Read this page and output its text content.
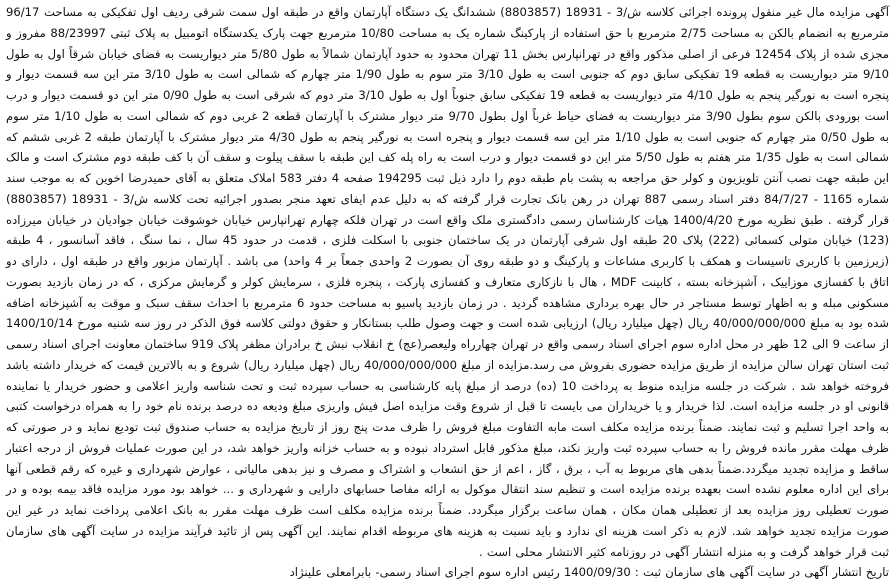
آگهی مزایده مال غیر منقول پرونده اجرائی کلاسه ش/3 - 18931 (8803857) ششدانگ یک دستگاه آپارتمان واقع در طبقه اول سمت شرقی ردیف اول تفکیکی به مساحت 96/17 مترمربع به انضمام بالکن به مساحت 2/75 مترمربع با حق استفاده از پارکینگ شماره یک به مساحت 10/80 مترمربع جهت پارک یکدستگاه اتومبیل به پلاک ثبتی 88/23997 مفروز و مجزی شده از پلاک 12454 فرعی از اصلی مذکور واقع در تهرانپارس بخش 11 تهران محدود به حدود آپارتمان شمالاً به طول 5/80 متر دیواریست به فضای خیابان شرقاً اول به طول 9/10 متر دیواریست به قطعه 19 تفکیکی سابق دوم که جنوبی است به طول 3/10 متر سوم به طول 1/90 متر چهارم که شمالی است به طول 3/10 متر این سه قسمت دیوار و پنجره است به نورگیر پنجم به طول 4/10 متر دیواریست به قطعه 19 تفکیکی سابق جنوباً اول به طول 3/10 متر دوم که شرقی است به طول 0/90 متر این دو قسمت دیوار و درب است بورودی بالکن سوم بطول 3/90 متر دیواریست به فضای حیاط غرباً اول بطول 9/70 متر دیوار مشترک با آپارتمان قطعه 2 غربی دوم که شمالی است به طول 1/10 متر سوم به طول 0/50 متر چهارم که جنوبی است به طول 1/10 متر این سه قسمت دیوار و پنجره است به نورگیر پنجم به طول 4/30 متر دیوار مشترک با آپارتمان طبقه 2 غربی ششم که شمالی است به طول 1/35 متر هفتم به طول 5/50 متر این دو قسمت دیوار و درب است به راه پله کف این طبقه با سقف پیلوت و سقف آن با کف طبقه دوم مشترک است و مالک این طبقه جهت نصب آنتن تلویزیون و کولر حق مراجعه به پشت بام طبقه دوم را دارد ذیل ثبت 194295 صفحه 4 دفتر 583 املاک متعلق به آقای حمیدرضا اخوین که به موجب سند شماره 1165 - 84/7/27 دفتر اسناد رسمی 887 تهران در رهن بانک تجارت قرار گرفته که به دلیل عدم ایفای تعهد منجر بصدور اجرائیه تحت کلاسه ش/3 - 18931 (8803857) قرار گرفته . طبق نظریه مورخ 1400/4/20 هیات کارشناسان رسمی دادگستری ملک واقع است در تهران فلکه چهارم تهرانپارس خیابان خوشوقت خیابان جوادیان در خیابان میرزاده (123) خیابان متولی کسمائی (222) پلاک 20 طبقه اول شرقی آپارتمان در یک ساختمان جنوبی با اسکلت فلزی ، قدمت در حدود 45 سال ، نما سنگ ، فاقد آسانسور ، 4 طبقه (زیرزمین با کاربری تاسیسات و همکف با کاربری مشاعات و پارکینگ و دو طبقه روی آن بصورت 2 واحدی جمعاً بر 4 واحد) می باشد . آپارتمان مزبور واقع در طبقه اول ، دارای دو اتاق با کفسازی موزاییک ، آشپزخانه بسته ، کابینت MDF ، هال با نازکاری متعارف و کفسازی پارکت ، پنجره فلزی ، سرمایش کولر و گرمایش مرکزی ، که در زمان بازدید بصورت مسکونی مبله و به اظهار توسط مستاجر در حال بهره برداری مشاهده گردید . در زمان بازدید پاسیو به مساحت حدود 6 مترمربع با احداث سقف سبک و موقت به آشپزخانه اضافه شده بود به مبلغ 40/000/000/000 ریال (چهل میلیارد ریال) ارزیابی شده است و جهت وصول طلب بستانکار و حقوق دولتی کلاسه فوق الذکر در روز سه شنبه مورخ 1400/10/14 از ساعت 9 الی 12 ظهر در محل اداره سوم اجرای اسناد رسمی واقع در تهران چهارراه ولیعصر(عج) خ انقلاب نبش خ برادران مظفر پلاک 919 ساختمان معاونت اجرای اسناد رسمی ثبت استان تهران سالن مزایده از طریق مزایده حضوری بفروش می رسد.مزایده از مبلغ 40/000/000/000 ریال (چهل میلیارد ریال) شروع و به بالاترین قیمت که خریدار داشته باشد فروخته خواهد شد . شرکت در جلسه مزایده منوط به پرداخت 10 (ده) درصد از مبلغ پایه کارشناسی به حساب سپرده ثبت و تحت شناسه واریز اعلامی و حضور خریدار یا نماینده قانونی او در جلسه مزایده است. لذا خریدار و یا خریداران می بایست تا قبل از شروع وقت مزایده اصل فیش واریزی مبلغ ودیعه ده درصد برنده نام خود را به همراه درخواست کتبی به واحد اجرا تسلیم و ثبت نمایند. ضمناً برنده مزایده مکلف است مابه التفاوت مبلغ فروش را ظرف مدت پنج روز از تاریخ مزایده به حساب صندوق ثبت تودیع نماید و در صورتی که ظرف مهلت مقرر مانده فروش را به حساب سپرده ثبت واریز نکند، مبلغ مذکور قابل استرداد نبوده و به حساب خزانه واریز خواهد شد، در این صورت عملیات فروش از درجه اعتبار ساقط و مزایده تجدید میگردد.ضمناً بدهی های مربوط به آب ، برق ، گاز ، اعم از حق انشعاب و اشتراک و مصرف و نیز بدهی مالیاتی ، عوارض شهرداری و غیره که رقم قطعی آنها برای این اداره معلوم نشده است بعهده برنده مزایده است و تنظیم سند انتقال موکول به ارائه مفاصا حسابهای دارایی و شهرداری و ... خواهد بود مورد مزایده فاقد بیمه بوده و در صورت تعطیلی روز مزایده بعد از تعطیلی همان مکان ، همان ساعت برگزار میگردد. ضمناً برنده مزایده مکلف است ظرف مهلت مقرر به بانک اعلامی پرداخت نماید در غیر این صورت مزایده تجدید خواهد شد. لازم به ذکر است هزینه ای ندارد و باید نسبت به هزینه های مربوطه اقدام نمایند. این آگهی پس از تائید فرآیند مزایده در سایت آگهی های سازمان ثبت قرار خواهد گرفت و به منزله انتشار آگهی در روزنامه کثیر الانتشار محلی است .

تاریخ انتشار آگهی در سایت آگهی های سازمان ثبت : 1400/09/30 رئیس اداره سوم اجرای اسناد رسمی- بابرامعلی علینژاد
